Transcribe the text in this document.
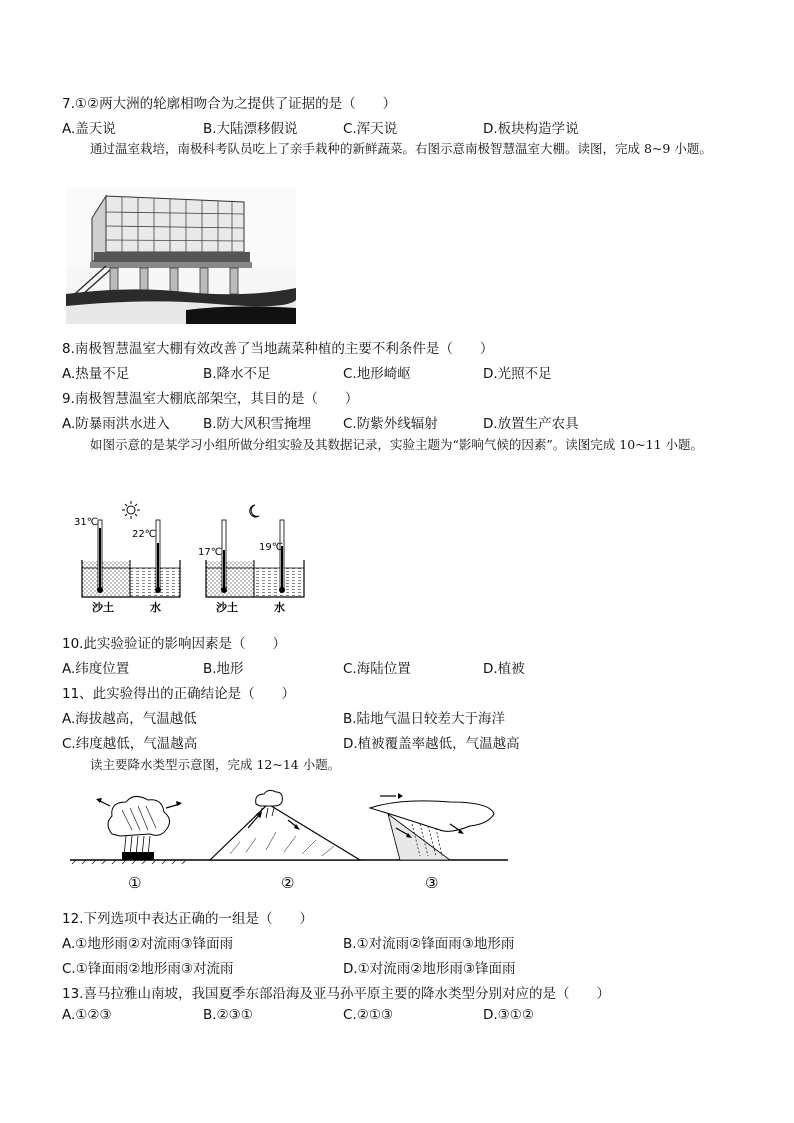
7.①②两大洲的轮廓相吻合为之提供了证据的是（　　）
A.盖天说	B.大陆漂移假说	C.浑天说	D.板块构造学说
通过温室栽培，南极科考队员吃上了亲手栽种的新鲜蔬菜。右图示意南极智慧温室大棚。读图，完成 8~9 小题。
8.南极智慧温室大棚有效改善了当地蔬菜种植的主要不利条件是（　　）
A.热量不足	B.降水不足	C.地形崎岖	D.光照不足
9.南极智慧温室大棚底部架空，其目的是（　　）
A.防暴雨洪水进入 B.防大风积雪掩埋 C.防紫外线辐射	D.放置生产农具
如图示意的是某学习小组所做分组实验及其数据记录，实验主题为“影响气候的因素”。读图完成 10~11 小题。
31℃
22℃
沙土	水
17℃	19℃
沙土	水
10.此实验验证的影响因素是（　　）
A.纬度位置	B.地形	C.海陆位置	D.植被
11、此实验得出的正确结论是（　　）
A.海拔越高，气温越低	B.陆地气温日较差大于海洋
C.纬度越低，气温越高	D.植被覆盖率越低，气温越高
读主要降水类型示意图，完成 12~14 小题。
①	②	③
12.下列选项中表达正确的一组是（　　）
A.①地形雨②对流雨③锋面雨	B.①对流雨②锋面雨③地形雨
C.①锋面雨②地形雨③对流雨	D.①对流雨②地形雨③锋面雨
13.喜马拉雅山南坡，我国夏季东部沿海及亚马孙平原主要的降水类型分别对应的是（　　）
A.①②③	B.②③①	C.②①③	D.③①②
